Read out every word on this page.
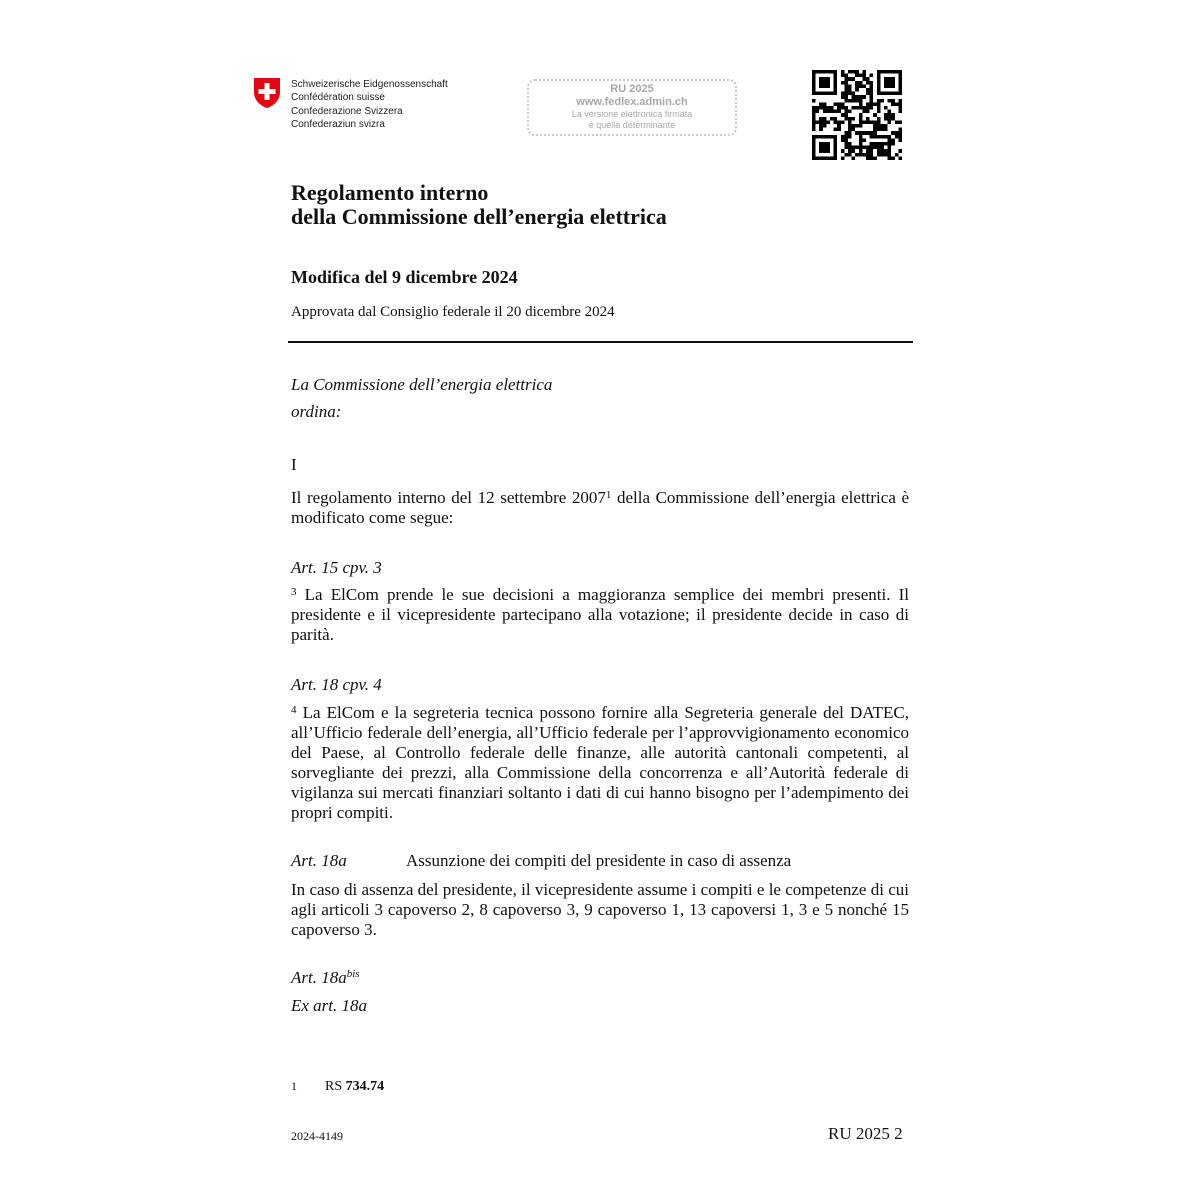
Schweizerische Eidgenossenschaft
Confédération suisse
Confederazione Svizzera
Confederaziun svizra
RU 2025
www.fedlex.admin.ch
La versione elettronica firmata
è quella determinante
Regolamento interno
della Commissione dell’energia elettrica
Modifica del 9 dicembre 2024
Approvata dal Consiglio federale il 20 dicembre 2024
La Commissione dell’energia elettrica
ordina:
I
Il regolamento interno del 12 settembre 2007$^1$ della Commissione dell’energia elettrica è modificato come segue:
Art. 15 cpv. 3
$^3$ La ElCom prende le sue decisioni a maggioranza semplice dei membri presenti. Il presidente e il vicepresidente partecipano alla votazione; il presidente decide in caso di parità.
Art. 18 cpv. 4
$^4$ La ElCom e la segreteria tecnica possono fornire alla Segreteria generale del DATEC, all’Ufficio federale dell’energia, all’Ufficio federale per l’approvvigionamento economico del Paese, al Controllo federale delle finanze, alle autorità cantonali competenti, al sorvegliante dei prezzi, alla Commissione della concorrenza e all’Autorità federale di vigilanza sui mercati finanziari soltanto i dati di cui hanno bisogno per l’adempimento dei propri compiti.
Art. 18a	Assunzione dei compiti del presidente in caso di assenza
In caso di assenza del presidente, il vicepresidente assume i compiti e le competenze di cui agli articoli 3 capoverso 2, 8 capoverso 3, 9 capoverso 1, 13 capoversi 1, 3 e 5 nonché 15 capoverso 3.
Art. $18a^{bis}$
Ex art. 18a
1 RS 734.74
2024-4149	RU 2025 2
